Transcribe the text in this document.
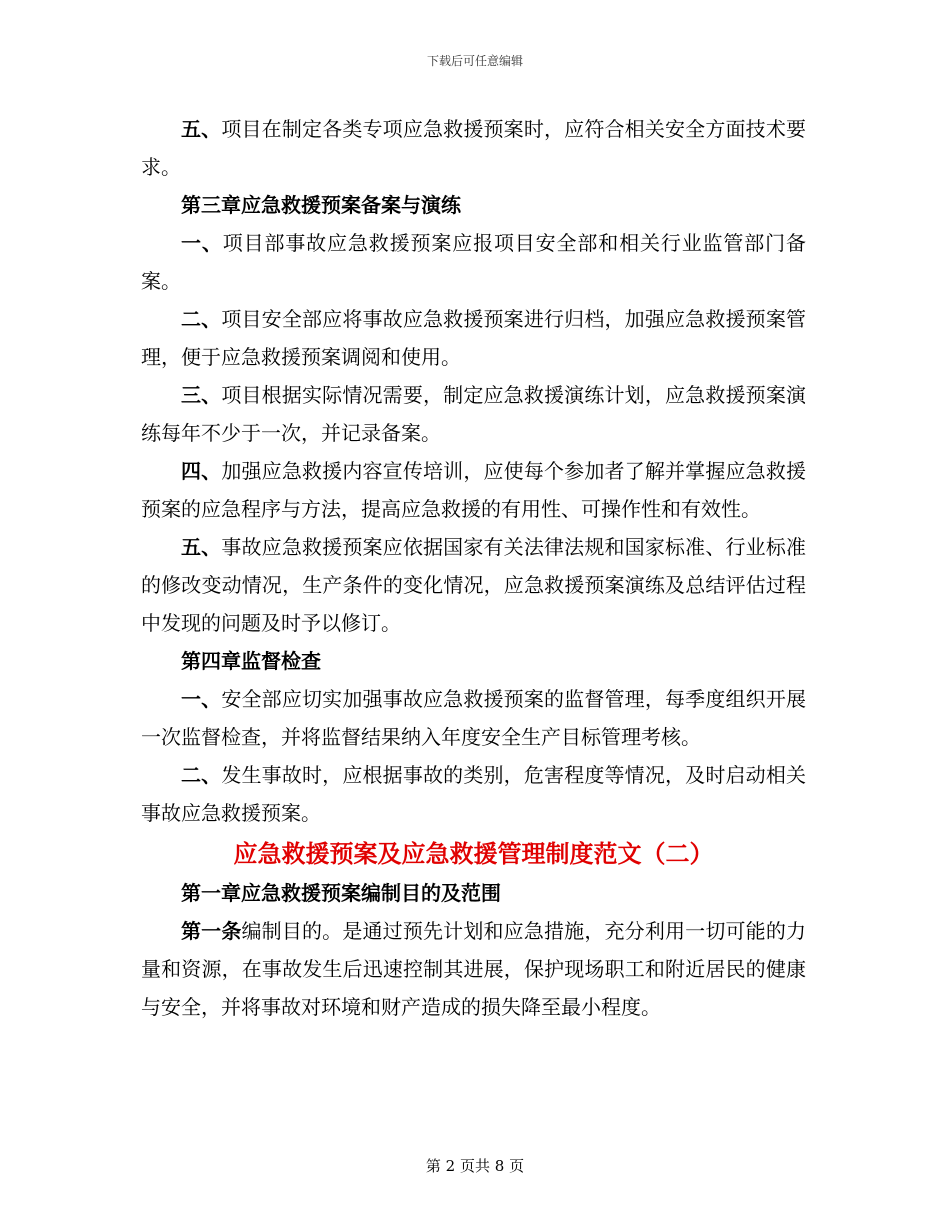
下载后可任意编辑

五、项目在制定各类专项应急救援预案时，应符合相关安全方面技术要求。

第三章应急救援预案备案与演练

一、项目部事故应急救援预案应报项目安全部和相关行业监管部门备案。

二、项目安全部应将事故应急救援预案进行归档，加强应急救援预案管理，便于应急救援预案调阅和使用。

三、项目根据实际情况需要，制定应急救援演练计划，应急救援预案演练每年不少于一次，并记录备案。

四、加强应急救援内容宣传培训，应使每个参加者了解并掌握应急救援预案的应急程序与方法，提高应急救援的有用性、可操作性和有效性。

五、事故应急救援预案应依据国家有关法律法规和国家标准、行业标准的修改变动情况，生产条件的变化情况，应急救援预案演练及总结评估过程中发现的问题及时予以修订。

第四章监督检查

一、安全部应切实加强事故应急救援预案的监督管理，每季度组织开展一次监督检查，并将监督结果纳入年度安全生产目标管理考核。

二、发生事故时，应根据事故的类别，危害程度等情况，及时启动相关事故应急救援预案。

应急救援预案及应急救援管理制度范文（二）

第一章应急救援预案编制目的及范围

第一条编制目的。是通过预先计划和应急措施，充分利用一切可能的力量和资源，在事故发生后迅速控制其进展，保护现场职工和附近居民的健康与安全，并将事故对环境和财产造成的损失降至最小程度。

第 2 页共 8 页
